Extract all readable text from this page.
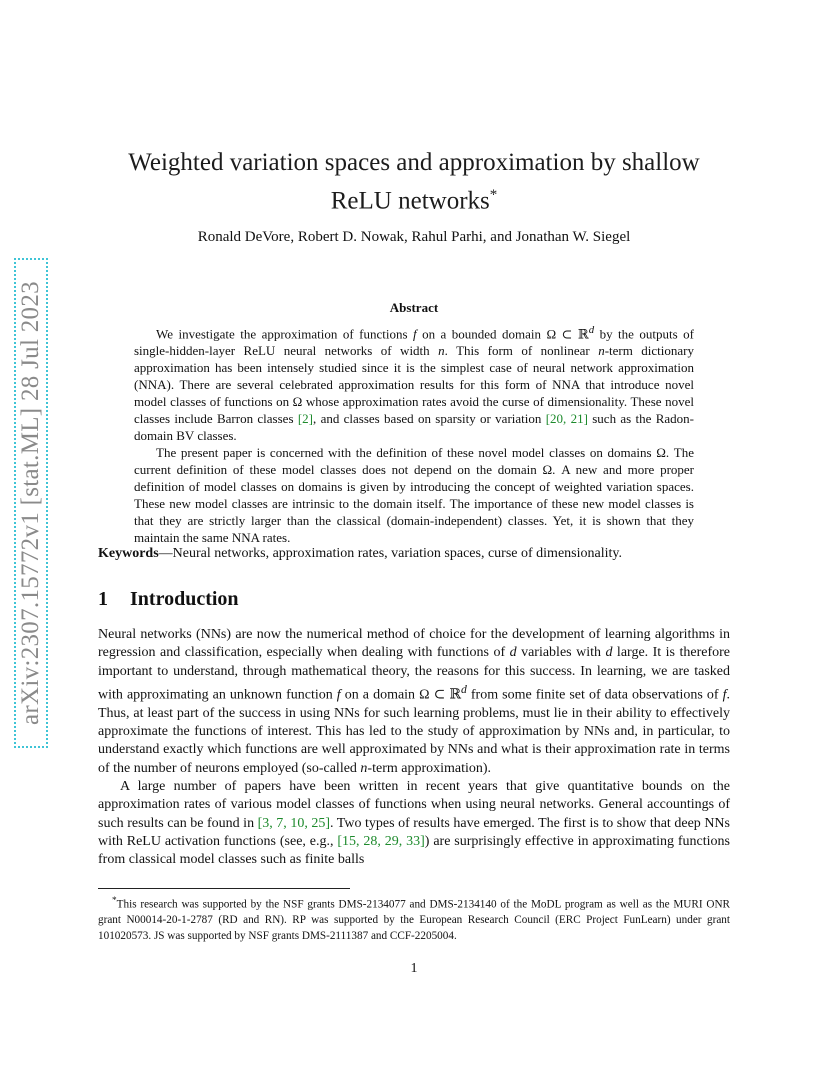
arXiv:2307.15772v1 [stat.ML] 28 Jul 2023
Weighted variation spaces and approximation by shallow ReLU networks*
Ronald DeVore, Robert D. Nowak, Rahul Parhi, and Jonathan W. Siegel
Abstract

We investigate the approximation of functions f on a bounded domain Ω ⊂ ℝ$^d$ by the outputs of single-hidden-layer ReLU neural networks of width n. This form of nonlinear n-term dictionary approximation has been intensely studied since it is the simplest case of neural network approximation (NNA). There are several celebrated approximation results for this form of NNA that introduce novel model classes of functions on Ω whose approximation rates avoid the curse of dimensionality. These novel classes include Barron classes [2], and classes based on sparsity or variation [20, 21] such as the Radon-domain BV classes.

The present paper is concerned with the definition of these novel model classes on domains Ω. The current definition of these model classes does not depend on the domain Ω. A new and more proper definition of model classes on domains is given by introducing the concept of weighted variation spaces. These new model classes are intrinsic to the domain itself. The importance of these new model classes is that they are strictly larger than the classical (domain-independent) classes. Yet, it is shown that they maintain the same NNA rates.

Keywords—Neural networks, approximation rates, variation spaces, curse of dimensionality.
1 Introduction

Neural networks (NNs) are now the numerical method of choice for the development of learning algorithms in regression and classification, especially when dealing with functions of d variables with d large. It is therefore important to understand, through mathematical theory, the reasons for this success. In learning, we are tasked with approximating an unknown function f on a domain Ω ⊂ ℝ$^d$ from some finite set of data observations of f. Thus, at least part of the success in using NNs for such learning problems, must lie in their ability to effectively approximate the functions of interest. This has led to the study of approximation by NNs and, in particular, to understand exactly which functions are well approximated by NNs and what is their approximation rate in terms of the number of neurons employed (so-called n-term approximation).

A large number of papers have been written in recent years that give quantitative bounds on the approximation rates of various model classes of functions when using neural networks. General accountings of such results can be found in [3, 7, 10, 25]. Two types of results have emerged. The first is to show that deep NNs with ReLU activation functions (see, e.g., [15, 28, 29, 33]) are surprisingly effective in approximating functions from classical model classes such as finite balls

*This research was supported by the NSF grants DMS-2134077 and DMS-2134140 of the MoDL program as well as the MURI ONR grant N00014-20-1-2787 (RD and RN). RP was supported by the European Research Council (ERC Project FunLearn) under grant 101020573. JS was supported by NSF grants DMS-2111387 and CCF-2205004.
1
